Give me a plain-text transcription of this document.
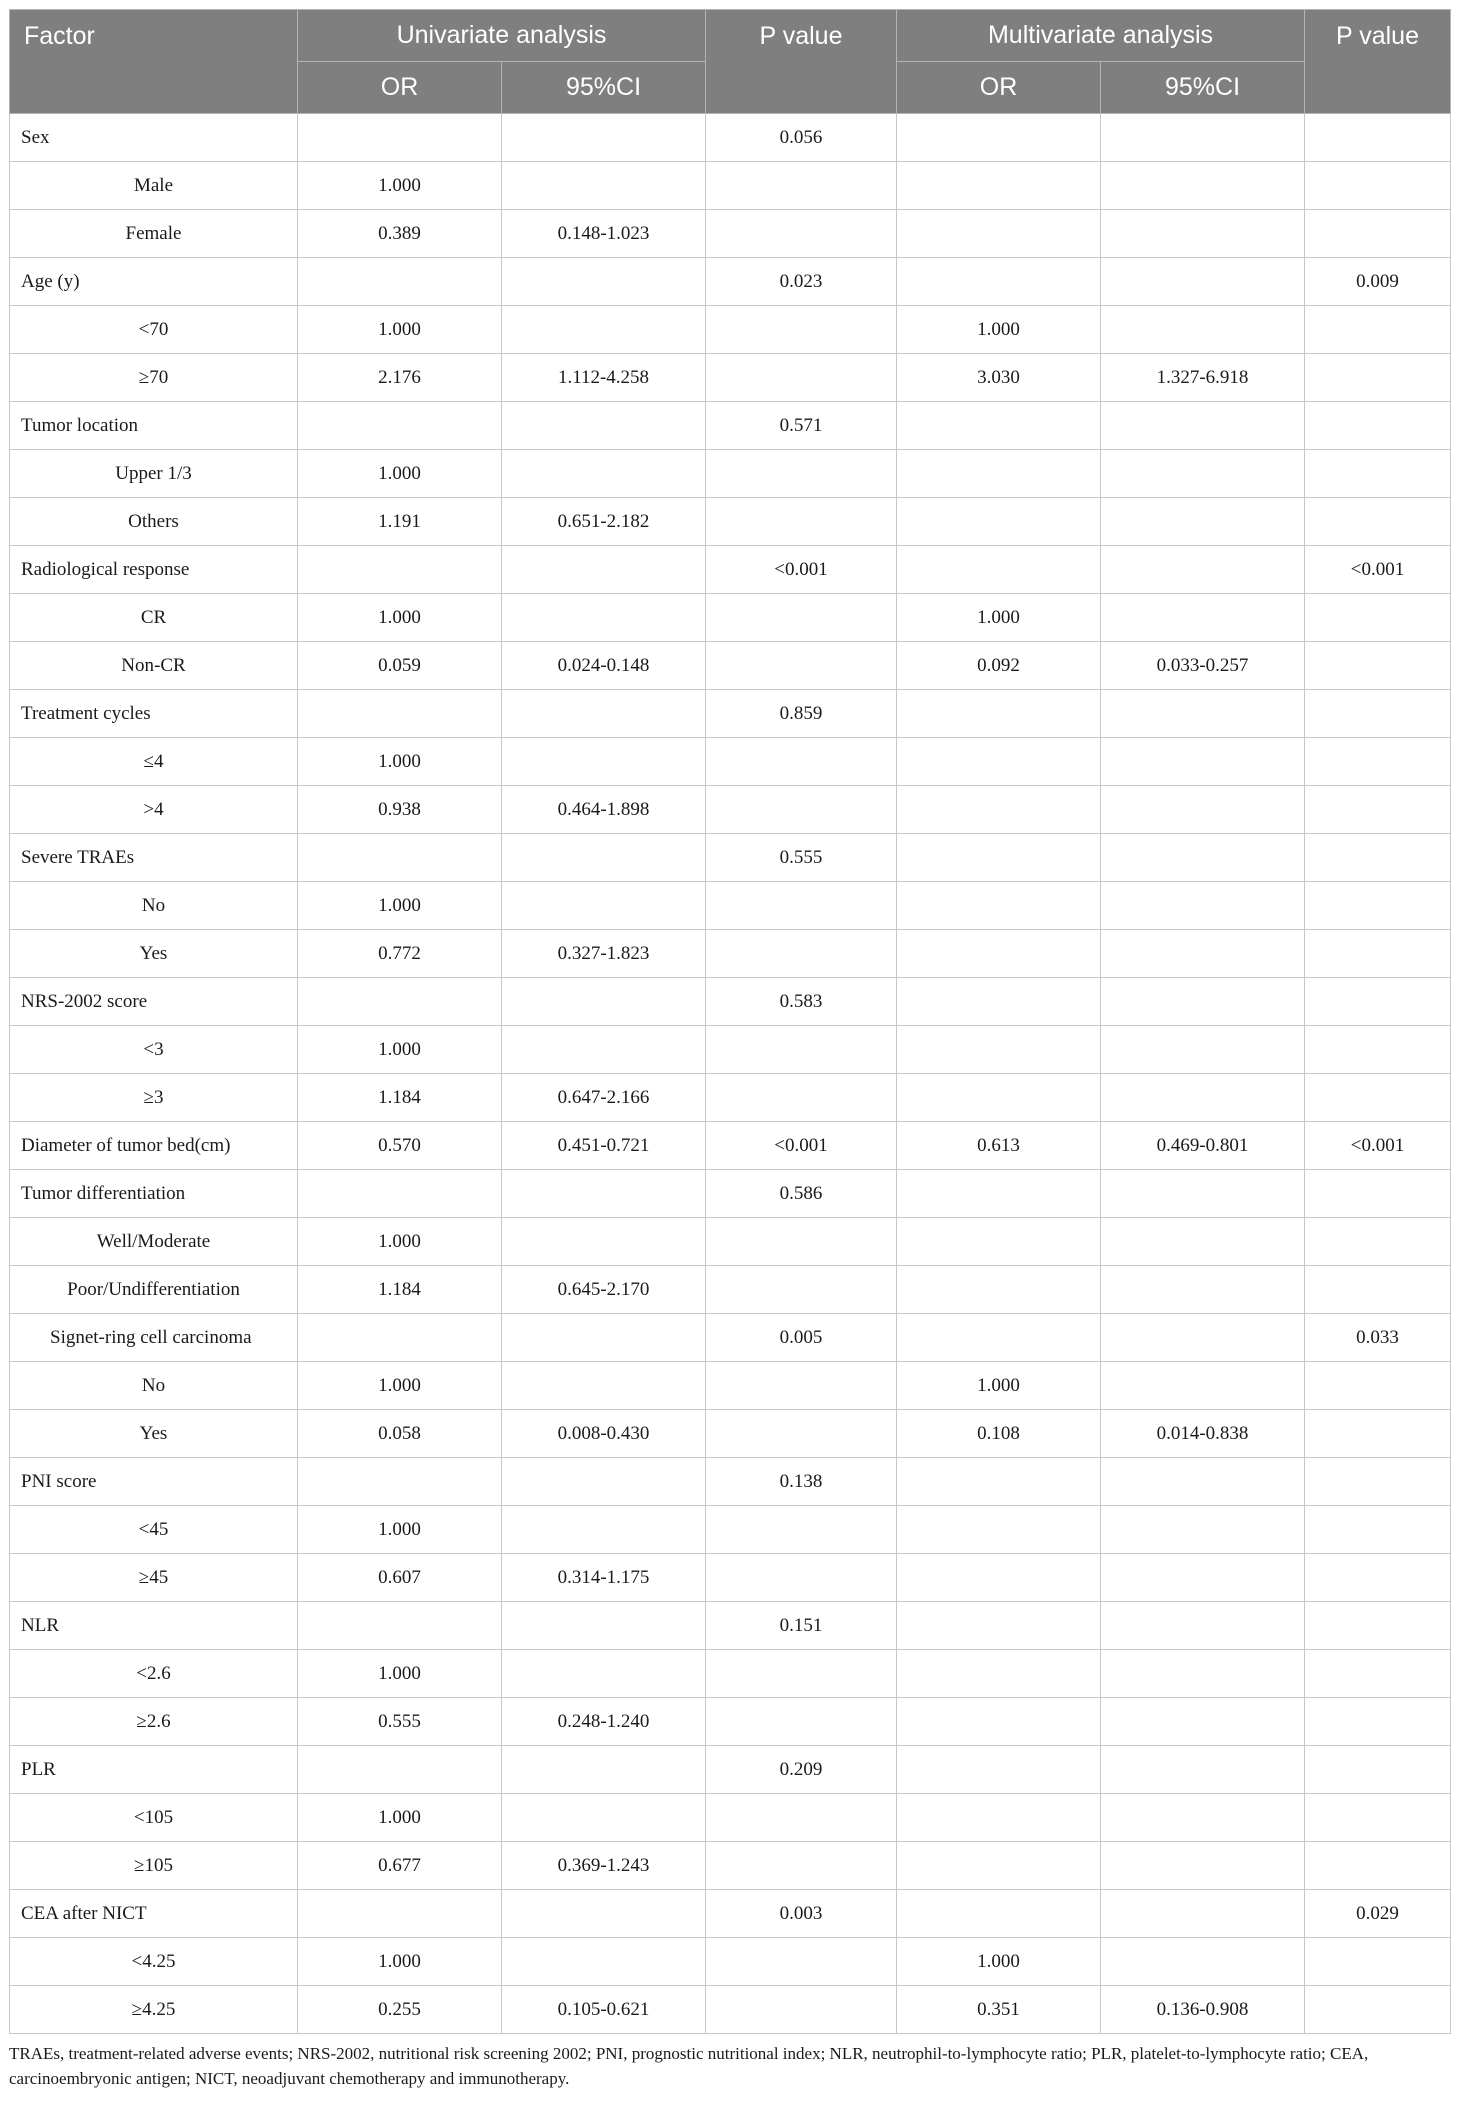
Factor	Univariate analysis		P value	Multivariate analysis		P value
	OR	95%CI		OR	95%CI	
Sex			0.056			
Male	1.000					
Female	0.389	0.148-1.023				
Age (y)			0.023			0.009
<70	1.000			1.000		
≥70	2.176	1.112-4.258		3.030	1.327-6.918	
Tumor location			0.571			
Upper 1/3	1.000					
Others	1.191	0.651-2.182				
Radiological response			<0.001			<0.001
CR	1.000			1.000		
Non-CR	0.059	0.024-0.148		0.092	0.033-0.257	
Treatment cycles			0.859			
≤4	1.000					
>4	0.938	0.464-1.898				
Severe TRAEs			0.555			
No	1.000					
Yes	0.772	0.327-1.823				
NRS-2002 score			0.583			
<3	1.000					
≥3	1.184	0.647-2.166				
Diameter of tumor bed(cm)	0.570	0.451-0.721	<0.001	0.613	0.469-0.801	<0.001
Tumor differentiation			0.586			
Well/Moderate	1.000					
Poor/Undifferentiation	1.184	0.645-2.170				
Signet-ring cell carcinoma			0.005			0.033
No	1.000			1.000		
Yes	0.058	0.008-0.430		0.108	0.014-0.838	
PNI score			0.138			
<45	1.000					
≥45	0.607	0.314-1.175				
NLR			0.151			
<2.6	1.000					
≥2.6	0.555	0.248-1.240				
PLR			0.209			
<105	1.000					
≥105	0.677	0.369-1.243				
CEA after NICT			0.003			0.029
<4.25	1.000			1.000		
≥4.25	0.255	0.105-0.621		0.351	0.136-0.908	
TRAEs, treatment-related adverse events; NRS-2002, nutritional risk screening 2002; PNI, prognostic nutritional index; NLR, neutrophil-to-lymphocyte ratio; PLR, platelet-to-lymphocyte ratio; CEA, carcinoembryonic antigen; NICT, neoadjuvant chemotherapy and immunotherapy.
